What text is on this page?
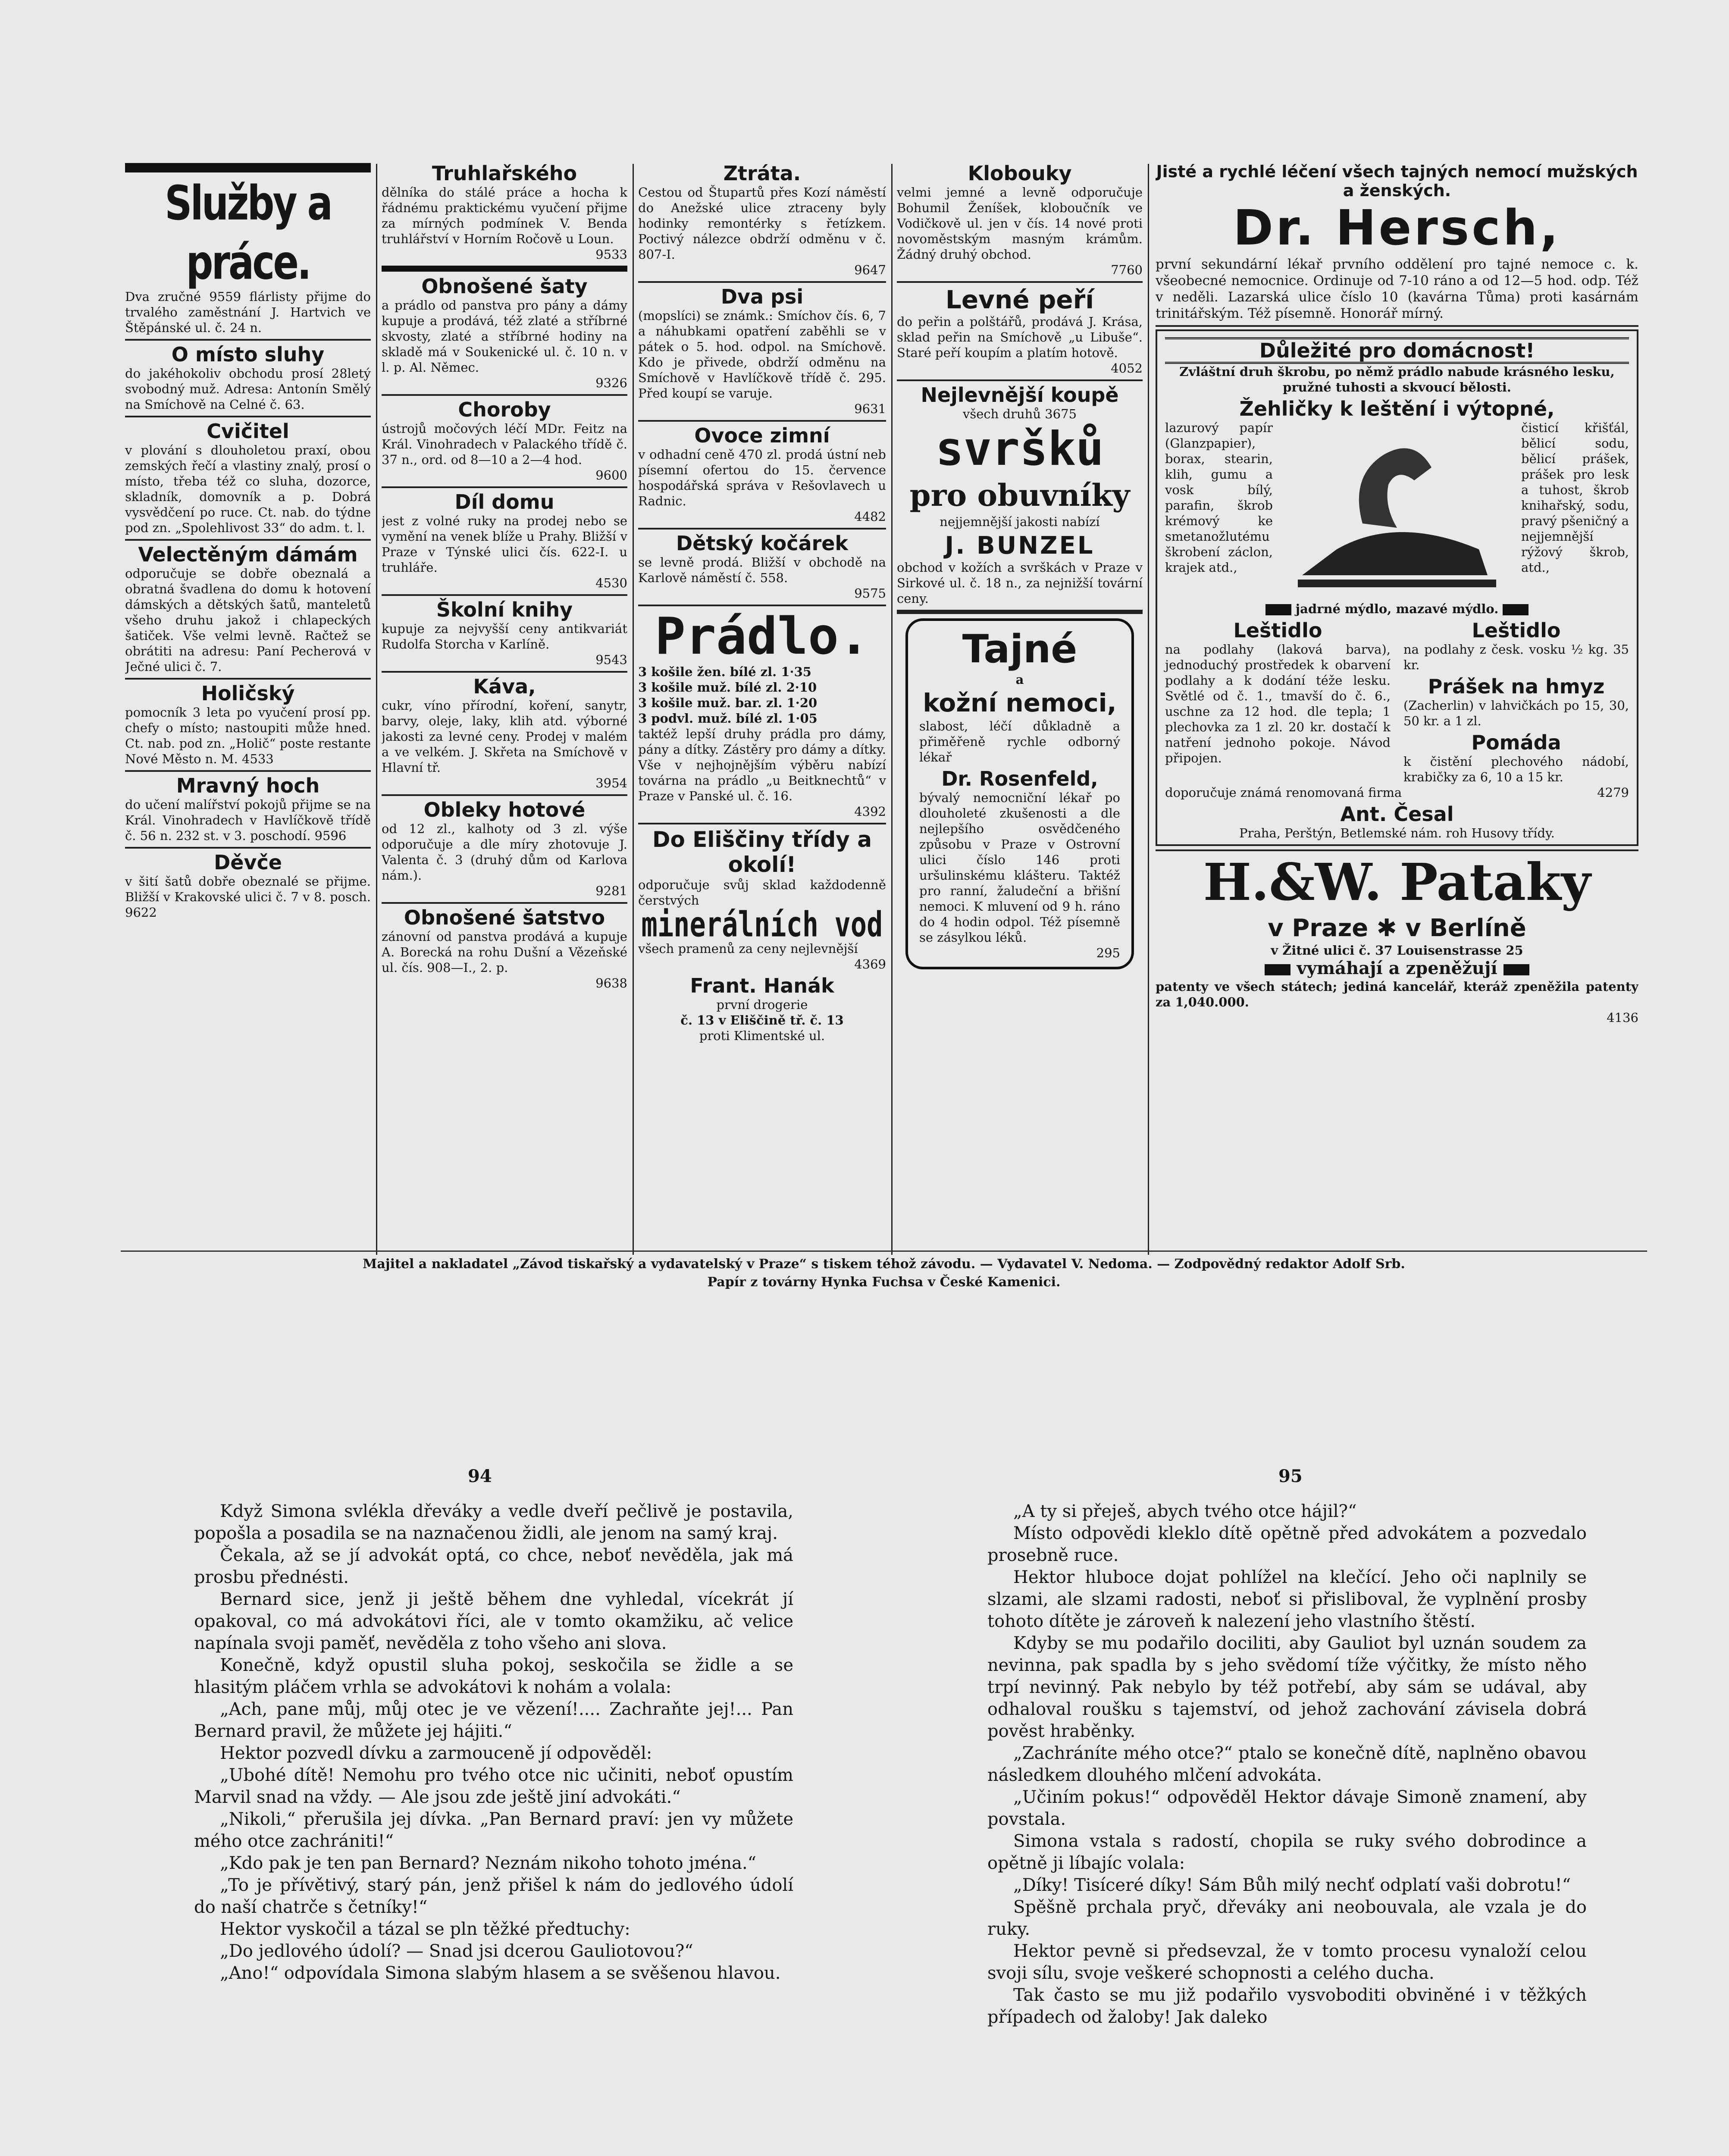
Služby a práce.

Dva zručné 9559 flárlisty přijme do trvalého zaměstnání J. Hartvich ve Štěpánské ul. č. 24 n.

O místo sluhy

do jakéhokoliv obchodu prosí 28letý svobodný muž. Adresa: Antonín Smělý na Smíchově na Celné č. 63.

Cvičitel

v plování s dlouholetou praxí, obou zemských řečí a vlastiny znalý, prosí o místo, třeba též co sluha, dozorce, skladník, domovník a p. Dobrá vysvědčení po ruce. Ct. nab. do týdne pod zn. „Spolehlivost 33“ do adm. t. l.

Velectěným dámám

odporučuje se dobře obeznalá a obratná švadlena do domu k hotovení dámských a dětských šatů, manteletů všeho druhu jakož i chlapeckých šatiček. Vše velmi levně. Račtež se obrátiti na adresu: Paní Pecherová v Ječné ulici č. 7.

Holičský

pomocník 3 leta po vyučení prosí pp. chefy o místo; nastoupiti může hned. Ct. nab. pod zn. „Holič“ poste restante Nové Město n. M. 4533

Mravný hoch

do učení malířství pokojů přijme se na Král. Vinohradech v Havlíčkově třídě č. 56 n. 232 st. v 3. poschodí. 9596

Děvče

v šití šatů dobře obeznalé se přijme. Bližší v Krakovské ulici č. 7 v 8. posch. 9622

Truhlařského

dělníka do stálé práce a hocha k řádnému praktickému vyučení přijme za mírných podmínek V. Benda truhlářství v Horním Ročově u Loun.

9533

Obnošené šaty

a prádlo od panstva pro pány a dámy kupuje a prodává, též zlaté a stříbrné skvosty, zlaté a stříbrné hodiny na skladě má v Soukenické ul. č. 10 n. v l. p. Al. Němec.

9326

Choroby

ústrojů močových léčí MDr. Feitz na Král. Vinohradech v Palackého třídě č. 37 n., ord. od 8—10 a 2—4 hod.

9600

Díl domu

jest z volné ruky na prodej nebo se vymění na venek blíže u Prahy. Bližší v Praze v Týnské ulici čís. 622-I. u truhláře.

4530

Školní knihy

kupuje za nejvyšší ceny antikvariát Rudolfa Storcha v Karlíně.

9543

Káva,

cukr, víno přírodní, koření, sanytr, barvy, oleje, laky, klih atd. výborné jakosti za levné ceny. Prodej v malém a ve velkém. J. Skřeta na Smíchově v Hlavní tř.

3954

Obleky hotové

od 12 zl., kalhoty od 3 zl. výše odporučuje a dle míry zhotovuje J. Valenta č. 3 (druhý dům od Karlova nám.).

9281

Obnošené šatstvo

zánovní od panstva prodává a kupuje A. Borecká na rohu Dušní a Vězeňské ul. čís. 908—I., 2. p.

9638

Ztráta.

Cestou od Štupartů přes Kozí náměstí do Anežské ulice ztraceny byly hodinky remontérky s řetízkem. Poctivý nálezce obdrží odměnu v č. 807-I.

9647

Dva psi

(mopslíci) se známk.: Smíchov čís. 6, 7 a náhubkami opatření zaběhli se v pátek o 5. hod. odpol. na Smíchově. Kdo je přivede, obdrží odměnu na Smíchově v Havlíčkově třídě č. 295. Před koupí se varuje.

9631

Ovoce zimní

v odhadní ceně 470 zl. prodá ústní neb písemní ofertou do 15. července hospodářská správa v Rešovlavech u Radnic.

4482

Dětský kočárek

se levně prodá. Bližší v obchodě na Karlově náměstí č. 558.

9575

Prádlo.
3 košile žen. bílé zl. 1·35
3 košile muž. bílé zl. 2·10
3 košile muž. bar. zl. 1·20
3 podvl. muž. bílé zl. 1·05

taktéž lepší druhy prádla pro dámy, pány a dítky. Zástěry pro dámy a dítky. Vše v nejhojnějším výběru nabízí továrna na prádlo „u Beitknechtů“ v Praze v Panské ul. č. 16.

4392

Do Eliščiny třídy a okolí!

odporučuje svůj sklad každodenně čerstvých

minerálních vod

všech pramenů za ceny nejlevnější

4369

Frant. Hanák
první drogerie
č. 13 v Eliščině tř. č. 13
proti Klimentské ul.
Klobouky

velmi jemné a levně odporučuje Bohumil Ženíšek, kloboučník ve Vodičkově ul. jen v čís. 14 nové proti novoměstským masným krámům. Žádný druhý obchod.

7760

Levné peří

do peřin a polštářů, prodává J. Krása, sklad peřin na Smíchově „u Libuše“. Staré peří koupím a platím hotově.

4052

Nejlevnější koupě
všech druhů 3675
svršků
pro obuvníky
nejjemnější jakosti nabízí
J. BUNZEL

obchod v kožích a svrškách v Praze v Sirkové ul. č. 18 n., za nejnižší tovární ceny.

Tajné
a
kožní nemoci,

slabost, léčí důkladně a přiměřeně rychle odborný lékař

Dr. Rosenfeld,

bývalý nemocniční lékař po dlouholeté zkušenosti a dle nejlepšího osvědčeného způsobu v Praze v Ostrovní ulici číslo 146 proti uršulinskému klášteru. Taktéž pro ranní, žaludeční a břišní nemoci. K mluvení od 9 h. ráno do 4 hodin odpol. Též písemně se zásylkou léků.

295

Jisté a rychlé léčení všech tajných nemocí mužských a ženských.
Dr. Hersch,

první sekundární lékař prvního oddělení pro tajné nemoce c. k. všeobecné nemocnice. Ordinuje od 7-10 ráno a od 12—5 hod. odp. Též v neděli. Lazarská ulice číslo 10 (kavárna Tůma) proti kasárnám trinitářským. Též písemně. Honorář mírný.

Důležité pro domácnost!

Zvláštní druh škrobu, po němž prádlo nabude krásného lesku, pružné tuhosti a skvoucí bělosti.

Žehličky k leštění i výtopné,

lazurový papír (Glanzpapier), borax, stearin, klih, gumu a vosk bílý, parafin, škrob krémový ke smetanožlutému škrobení záclon, krajek atd.,

čisticí křišťál, bělicí sodu, bělicí prášek, prášek pro lesk a tuhost, škrob knihařský, sodu, pravý pšeničný a nejjemnější rýžový škrob, atd.,

jadrné mýdlo, mazavé mýdlo.
Leštidlo

na podlahy (laková barva), jednoduchý prostředek k obarvení podlahy a k dodání téže lesku. Světlé od č. 1., tmavší do č. 6., uschne za 12 hod. dle tepla; 1 plechovka za 1 zl. 20 kr. dostačí k natření jednoho pokoje. Návod připojen.

Leštidlo

na podlahy z česk. vosku ½ kg. 35 kr.

Prášek na hmyz

(Zacherlin) v lahvičkách po 15, 30, 50 kr. a 1 zl.

Pomáda

k čistění plechového nádobí, krabičky za 6, 10 a 15 kr.

doporučuje známá renomovaná firma	4279
Ant. Česal
Praha, Perštýn, Betlemské nám. roh Husovy třídy.
H.&W. Pataky
v Praze ✱ v Berlíně
v Žitné ulici č. 37 Louisenstrasse 25
vymáhají a zpeněžují

patenty ve všech státech; jediná kancelář, kteráž zpeněžila patenty za 1,040.000.

4136

Majitel a nakladatel „Závod tiskařský a vydavatelský v Praze“ s tiskem téhož závodu. — Vydavatel V. Nedoma. — Zodpovědný redaktor Adolf Srb.
Papír z továrny Hynka Fuchsa v České Kamenici.
94	95

Když Simona svlékla dřeváky a vedle dveří pečlivě je postavila, popošla a posadila se na naznačenou židli, ale jenom na samý kraj.

Čekala, až se jí advokát optá, co chce, neboť nevěděla, jak má prosbu přednésti.

Bernard sice, jenž ji ještě během dne vyhledal, vícekrát jí opakoval, co má advokátovi říci, ale v tomto okamžiku, ač velice napínala svoji paměť, nevěděla z toho všeho ani slova.

Konečně, když opustil sluha pokoj, seskočila se židle a se hlasitým pláčem vrhla se advokátovi k nohám a volala:

„Ach, pane můj, můj otec je ve vězení!.... Zachraňte jej!... Pan Bernard pravil, že můžete jej hájiti.“

Hektor pozvedl dívku a zarmouceně jí odpověděl:

„Ubohé dítě! Nemohu pro tvého otce nic učiniti, neboť opustím Marvil snad na vždy. — Ale jsou zde ještě jiní advokáti.“

„Nikoli,“ přerušila jej dívka. „Pan Bernard praví: jen vy můžete mého otce zachrániti!“

„Kdo pak je ten pan Bernard? Neznám nikoho tohoto jména.“

„To je přívětivý, starý pán, jenž přišel k nám do jedlového údolí do naší chatrče s četníky!“

Hektor vyskočil a tázal se pln těžké předtuchy:

„Do jedlového údolí? — Snad jsi dcerou Gauliotovou?“

„Ano!“ odpovídala Simona slabým hlasem a se svěšenou hlavou.

„A ty si přeješ, abych tvého otce hájil?“

Místo odpovědi kleklo dítě opětně před advokátem a pozvedalo prosebně ruce.

Hektor hluboce dojat pohlížel na klečící. Jeho oči naplnily se slzami, ale slzami radosti, neboť si přisliboval, že vyplnění prosby tohoto dítěte je zároveň k nalezení jeho vlastního štěstí.

Kdyby se mu podařilo dociliti, aby Gauliot byl uznán soudem za nevinna, pak spadla by s jeho svědomí tíže výčitky, že místo něho trpí nevinný. Pak nebylo by též potřebí, aby sám se udával, aby odhaloval roušku s tajemství, od jehož zachování závisela dobrá pověst hraběnky.

„Zachráníte mého otce?“ ptalo se konečně dítě, naplněno obavou následkem dlouhého mlčení advokáta.

„Učiním pokus!“ odpověděl Hektor dávaje Simoně znamení, aby povstala.

Simona vstala s radostí, chopila se ruky svého dobrodince a opětně ji líbajíc volala:

„Díky! Tisíceré díky! Sám Bůh milý nechť odplatí vaši dobrotu!“

Spěšně prchala pryč, dřeváky ani neobouvala, ale vzala je do ruky.

Hektor pevně si předsevzal, že v tomto procesu vynaloží celou svoji sílu, svoje veškeré schopnosti a celého ducha.

Tak často se mu již podařilo vysvoboditi obviněné i v těžkých případech od žaloby! Jak daleko
